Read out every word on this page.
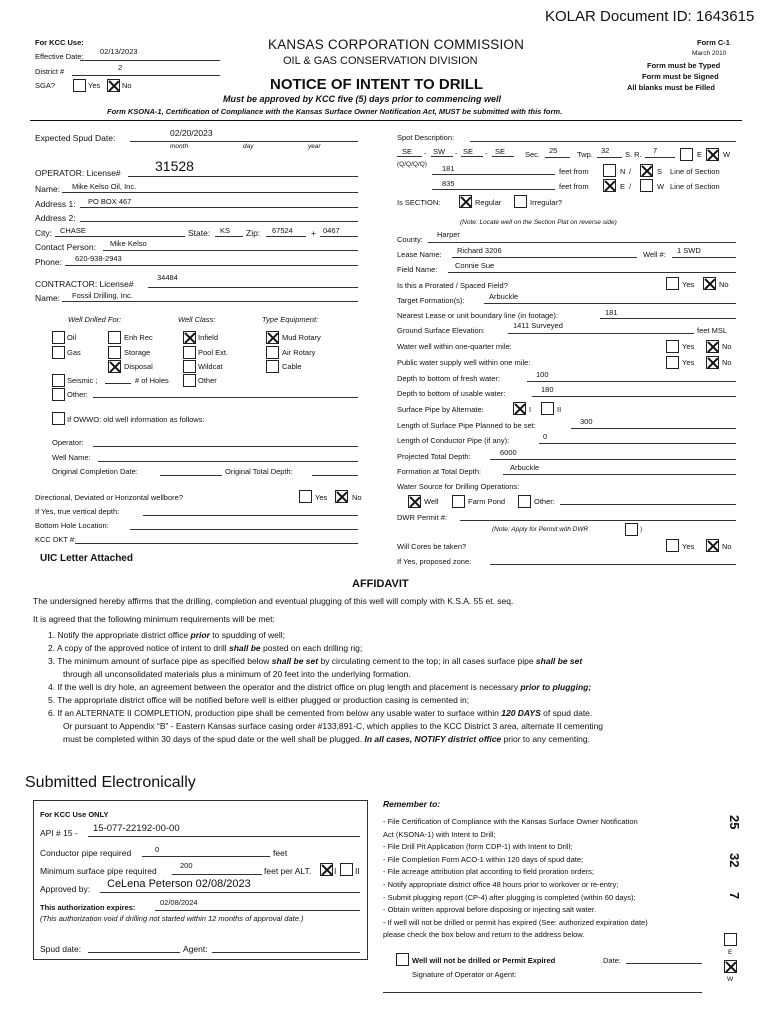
KOLAR Document ID: 1643615
For KCC Use:
Effective Date:
02/13/2023
District #	2
SGA?	Yes	No
KANSAS CORPORATION COMMISSION
OIL & GAS CONSERVATION DIVISION
NOTICE OF INTENT TO DRILL
Form C-1
March 2010
Form must be Typed
Form must be Signed
All blanks must be Filled
Must be approved by KCC five (5) days prior to commencing well
Form KSONA-1, Certification of Compliance with the Kansas Surface Owner Notification Act, MUST be submitted with this form.
Expected Spud Date:	02/20/2023
month	day	year
OPERATOR: License# 31528
Name: Mike Kelso Oil, Inc.
Address 1: PO BOX 467
Address 2:
City: CHASE	State: KS Zip: 67524 + 0467
Contact Person: Mike Kelso
Phone: 620-938-2943
CONTRACTOR: License#
34484
Name: Fossil Drilling, Inc.
Well Drilled For:	Well Class:	Type Equipment:
Oil
Gas
Seismic ;	# of Holes
Other:
Enh Rec
Storage
Disposal
Infield
Pool Ext.
Wildcat
Other
Mud Rotary
Air Rotary
Cable
If OWWO: old well information as follows:
Operator:
Well Name:
Original Completion Date:	Original Total Depth:
Directional, Deviated or Horizontal wellbore?	Yes	No
If Yes, true vertical depth:
Bottom Hole Location:
KCC DKT #:
UIC Letter Attached
Spot Description:
SE - SW - SE - SE	Sec. 25	Twp. 32 S. R. 7	E	W
(Q/Q/Q/Q) 181	feet from	N /	S Line of Section
835	feet from	E /	W Line of Section
Is SECTION:	Regular	Irregular?
(Note: Locate well on the Section Plat on reverse side)
County:
Harper
Lease Name: Richard 3206	Well #: 1 SWD
Field Name: Connie Sue
Is this a Prorated / Spaced Field?	Yes	No
Target Formation(s):	Arbuckle
Nearest Lease or unit boundary line (in footage):	181
Ground Surface Elevation:
1411 Surveyed
feet MSL
Water well within one-quarter mile:	Yes	No
Public water supply well within one mile:	Yes	No
Depth to bottom of fresh water:	100
Depth to bottom of usable water:	180
Surface Pipe by Alternate:	I	II
Length of Surface Pipe Planned to be set:	300
Length of Conductor Pipe (if any):	0
Projected Total Depth:	6000
Formation at Total Depth:	Arbuckle
Water Source for Drilling Operations:
Well	Farm Pond	Other:
DWR Permit #:
(Note: Apply for Permit with DWR	)
Will Cores be taken?	Yes	No
If Yes, proposed zone:
AFFIDAVIT
The undersigned hereby affirms that the drilling, completion and eventual plugging of this well will comply with K.S.A. 55 et. seq.
It is agreed that the following minimum requirements will be met:
1. Notify the appropriate district office prior to spudding of well;
2. A copy of the approved notice of intent to drill shall be posted on each drilling rig;
3. The minimum amount of surface pipe as specified below shall be set by circulating cement to the top; in all cases surface pipe shall be set
through all unconsolidated materials plus a minimum of 20 feet into the underlying formation.
4. If the well is dry hole, an agreement between the operator and the district office on plug length and placement is necessary prior to plugging;
5. The appropriate district office will be notified before well is either plugged or production casing is cemented in;
6. If an ALTERNATE II COMPLETION, production pipe shall be cemented from below any usable water to surface within 120 DAYS of spud date.
Or pursuant to Appendix “B” - Eastern Kansas surface casing order #133,891-C, which applies to the KCC District 3 area, alternate II cementing
must be completed within 30 days of the spud date or the well shall be plugged. In all cases, NOTIFY district office prior to any cementing.
Submitted Electronically
For KCC Use ONLY
API # 15 - 15-077-22192-00-00
Conductor pipe required	0	feet
Minimum surface pipe required
200
feet per ALT.	I II
Approved by: CeLena Peterson 02/08/2023
This authorization expires:
02/08/2024
(This authorization void if drilling not started within 12 months of approval date.)
Spud date:	Agent:
Remember to:
- File Certification of Compliance with the Kansas Surface Owner Notification
Act (KSONA-1) with Intent to Drill;
- File Drill Pit Application (form CDP-1) with Intent to Drill;
- File Completion Form ACO-1 within 120 days of spud date;
- File acreage attribution plat according to field proration orders;
- Notify appropriate district office 48 hours prior to workover or re-entry;
- Submit plugging report (CP-4) after plugging is completed (within 60 days);
- Obtain written approval before disposing or injecting salt water.
- If well will not be drilled or permit has expired (See: authorized expiration date)
please check the box below and return to the address below.
Well will not be drilled or Permit Expired	Date:
Signature of Operator or Agent:
25
32
7
E
W
